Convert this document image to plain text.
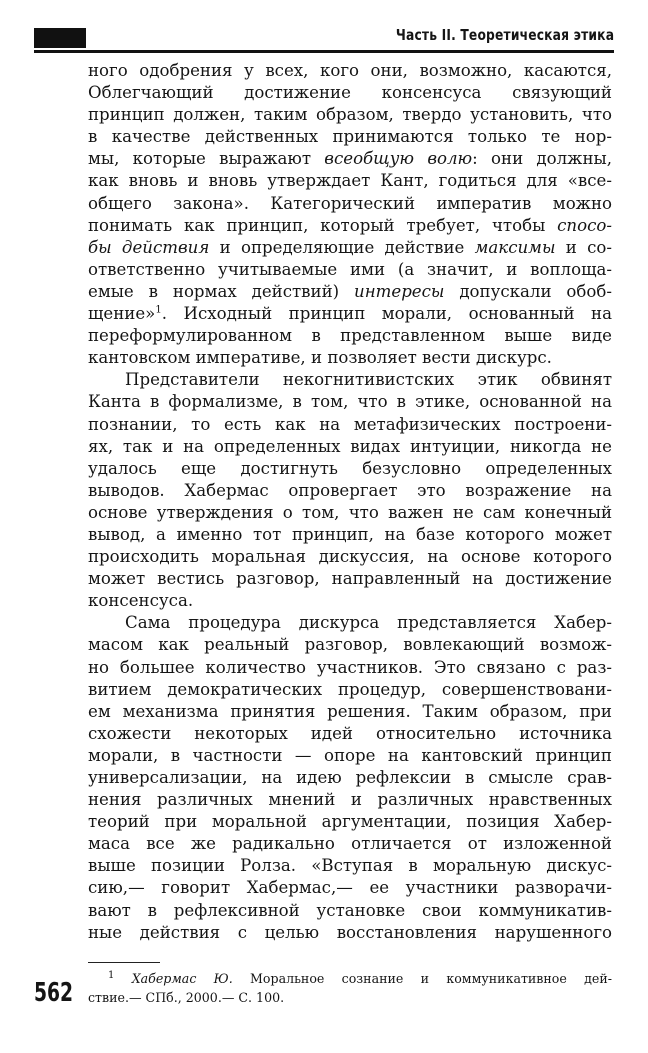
Часть II. Теоретическая этика
ного одобрения у всех, кого они, возможно, касаются,
Облегчающий достижение консенсуса связующий
принцип должен, таким образом, твердо установить, что
в качестве действенных принимаются только те нор-
мы, которые выражают всеобщую волю: они должны,
как вновь и вновь утверждает Кант, годиться для «все-
общего закона». Категорический императив можно
понимать как принцип, который требует, чтобы спосо-
бы действия и определяющие действие максимы и со-
ответственно учитываемые ими (а значит, и воплоща-
емые в нормах действий) интересы допускали обоб-
щение»$^1$. Исходный принцип морали, основанный на
переформулированном в представленном выше виде
кантовском императиве, и позволяет вести дискурс.
Представители некогнитивистских этик обвинят
Канта в формализме, в том, что в этике, основанной на
познании, то есть как на метафизических построени-
ях, так и на определенных видах интуиции, никогда не
удалось еще достигнуть безусловно определенных
выводов. Хабермас опровергает это возражение на
основе утверждения о том, что важен не сам конечный
вывод, а именно тот принцип, на базе которого может
происходить моральная дискуссия, на основе которого
может вестись разговор, направленный на достижение
консенсуса.
Сама процедура дискурса представляется Хабер-
масом как реальный разговор, вовлекающий возмож-
но большее количество участников. Это связано с раз-
витием демократических процедур, совершенствовани-
ем механизма принятия решения. Таким образом, при
схожести некоторых идей относительно источника
морали, в частности — опоре на кантовский принцип
универсализации, на идею рефлексии в смысле срав-
нения различных мнений и различных нравственных
теорий при моральной аргументации, позиция Хабер-
маса все же радикально отличается от изложенной
выше позиции Ролза. «Вступая в моральную дискус-
сию,— говорит Хабермас,— ее участники разворачи-
вают в рефлексивной установке свои коммуникатив-
ные действия с целью восстановления нарушенного
$^1$ Хабермас Ю. Моральное сознание и коммуникативное дей-
ствие.— СПб., 2000.— С. 100.
562
